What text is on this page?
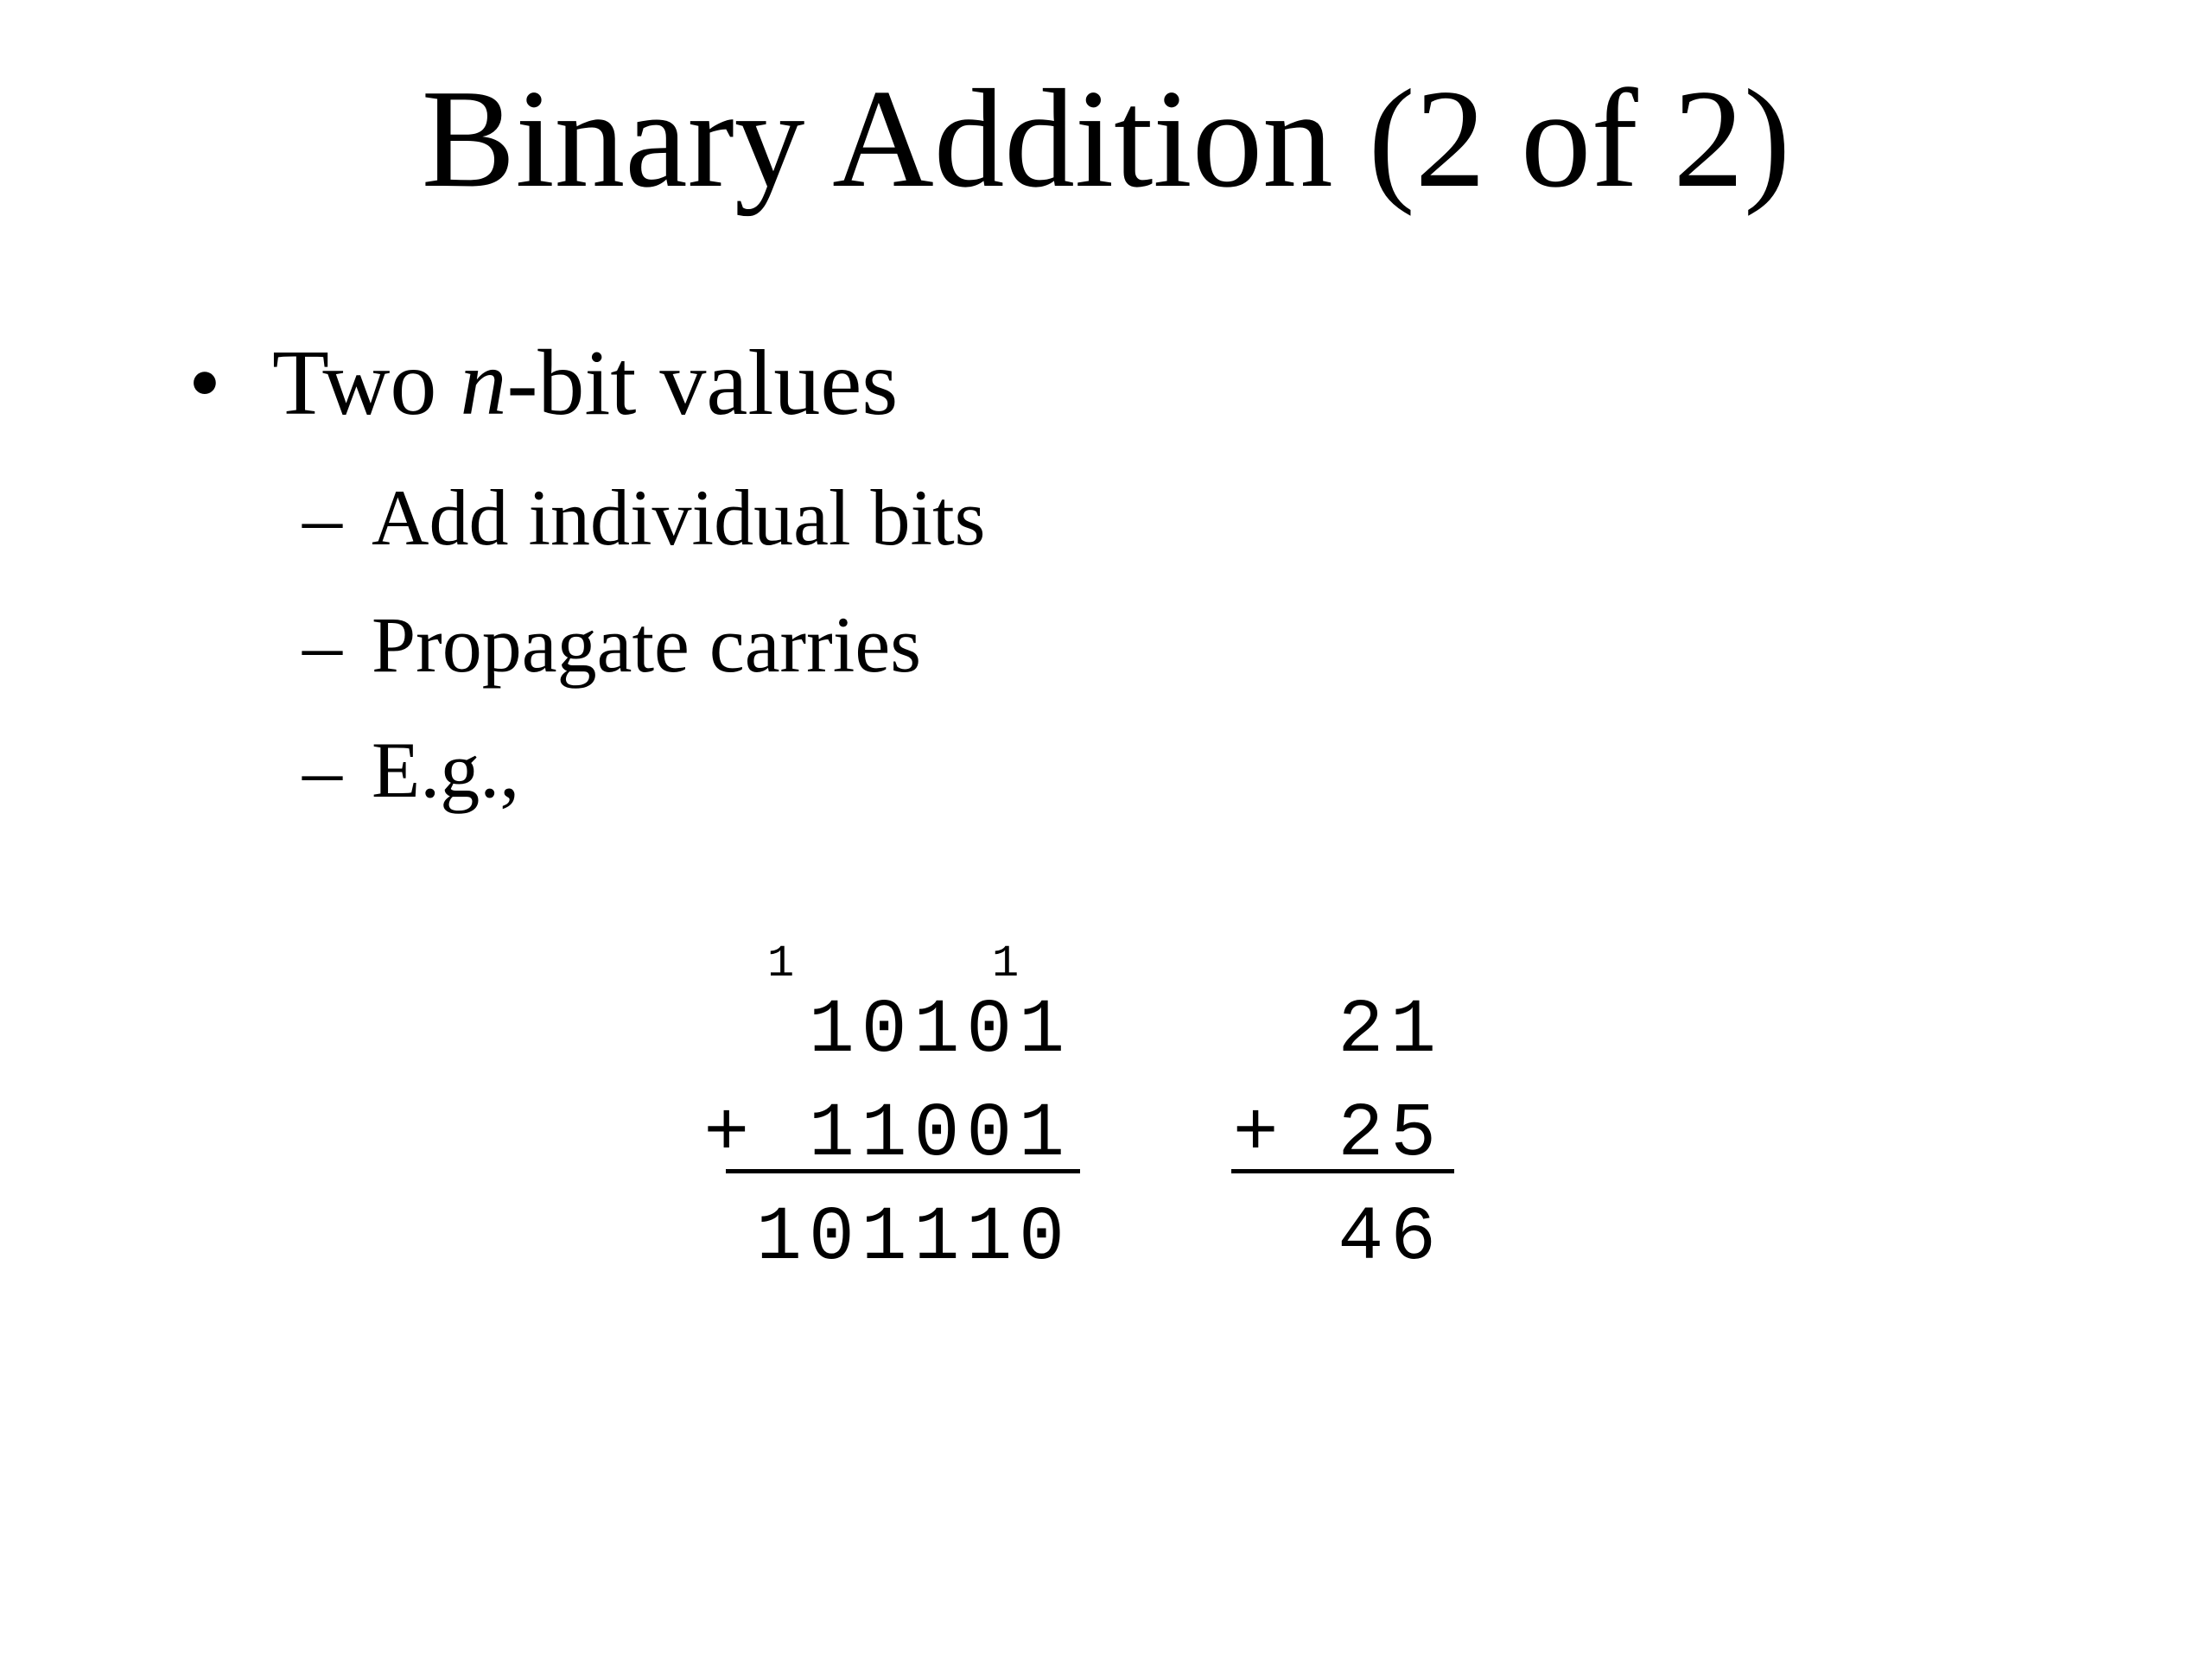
Binary Addition (2 of 2)
• Two n-bit values
– Add individual bits
– Propagate carries
– E.g.,
1	1
10101
+ 11001
101110
21
+ 25
46
